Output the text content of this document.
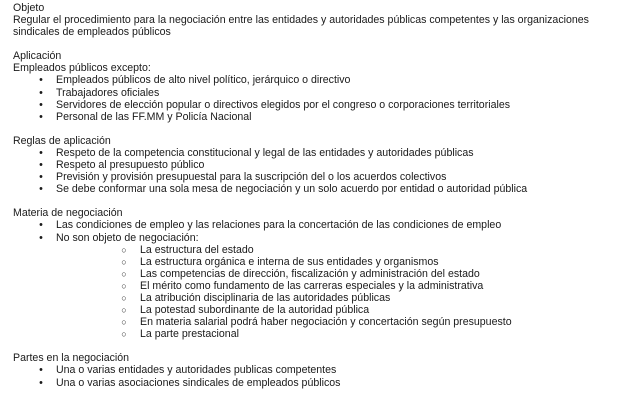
Objeto

Regular el procedimiento para la negociación entre las entidades y autoridades públicas competentes y las organizaciones sindicales de empleados públicos

Aplicación

Empleados públicos excepto:

•	Empleados públicos de alto nivel político, jerárquico o directivo
•	Trabajadores oficiales
•	Servidores de elección popular o directivos elegidos por el congreso o corporaciones territoriales
•	Personal de las FF.MM y Policía Nacional

Reglas de aplicación

•	Respeto de la competencia constitucional y legal de las entidades y autoridades públicas
•	Respeto al presupuesto público
•	Previsión y provisión presupuestal para la suscripción del o los acuerdos colectivos
•	Se debe conformar una sola mesa de negociación y un solo acuerdo por entidad o autoridad pública

Materia de negociación

•	Las condiciones de empleo y las relaciones para la concertación de las condiciones de empleo
•	No son objeto de negociación:
○	La estructura del estado
○	La estructura orgánica e interna de sus entidades y organismos
○	Las competencias de dirección, fiscalización y administración del estado
○	El mérito como fundamento de las carreras especiales y la administrativa
○	La atribución disciplinaria de las autoridades públicas
○	La potestad subordinante de la autoridad pública
○	En materia salarial podrá haber negociación y concertación según presupuesto
○	La parte prestacional

Partes en la negociación

•	Una o varias entidades y autoridades publicas competentes
•	Una o varias asociaciones sindicales de empleados públicos
